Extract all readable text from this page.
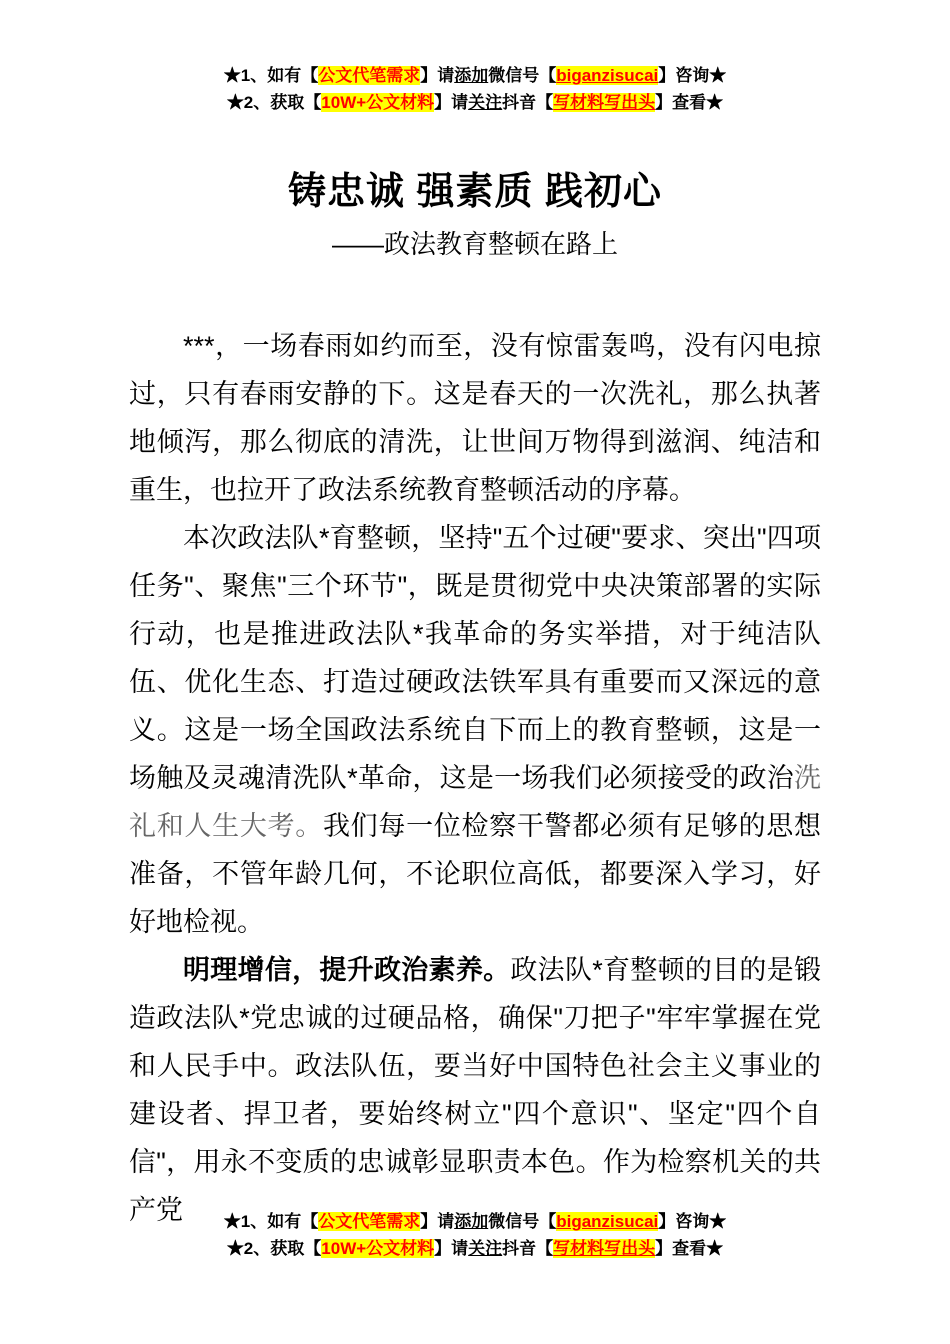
★1、如有【公文代笔需求】请添加微信号【biganzisucai】咨询★
★2、获取【10W+公文材料】请关注抖音【写材料写出头】查看★
铸忠诚 强素质 践初心
——政法教育整顿在路上

***，一场春雨如约而至，没有惊雷轰鸣，没有闪电掠过，只有春雨安静的下。这是春天的一次洗礼，那么执著地倾泻，那么彻底的清洗，让世间万物得到滋润、纯洁和重生，也拉开了政法系统教育整顿活动的序幕。

本次政法队*育整顿，坚持"五个过硬"要求、突出"四项任务"、聚焦"三个环节"，既是贯彻党中央决策部署的实际行动，也是推进政法队*我革命的务实举措，对于纯洁队伍、优化生态、打造过硬政法铁军具有重要而又深远的意义。这是一场全国政法系统自下而上的教育整顿，这是一场触及灵魂清洗队*革命，这是一场我们必须接受的政治洗礼和人生大考。我们每一位检察干警都必须有足够的思想准备，不管年龄几何，不论职位高低，都要深入学习，好好地检视。

明理增信，提升政治素养。政法队*育整顿的目的是锻造政法队*党忠诚的过硬品格，确保"刀把子"牢牢掌握在党和人民手中。政法队伍，要当好中国特色社会主义事业的建设者、捍卫者，要始终树立"四个意识"、坚定"四个自信"，用永不变质的忠诚彰显职责本色。作为检察机关的共产党	★1、如有【公文代笔需求】请添加微信号【biganzisucai】咨询★
★2、获取【10W+公文材料】请关注抖音【写材料写出头】查看★
